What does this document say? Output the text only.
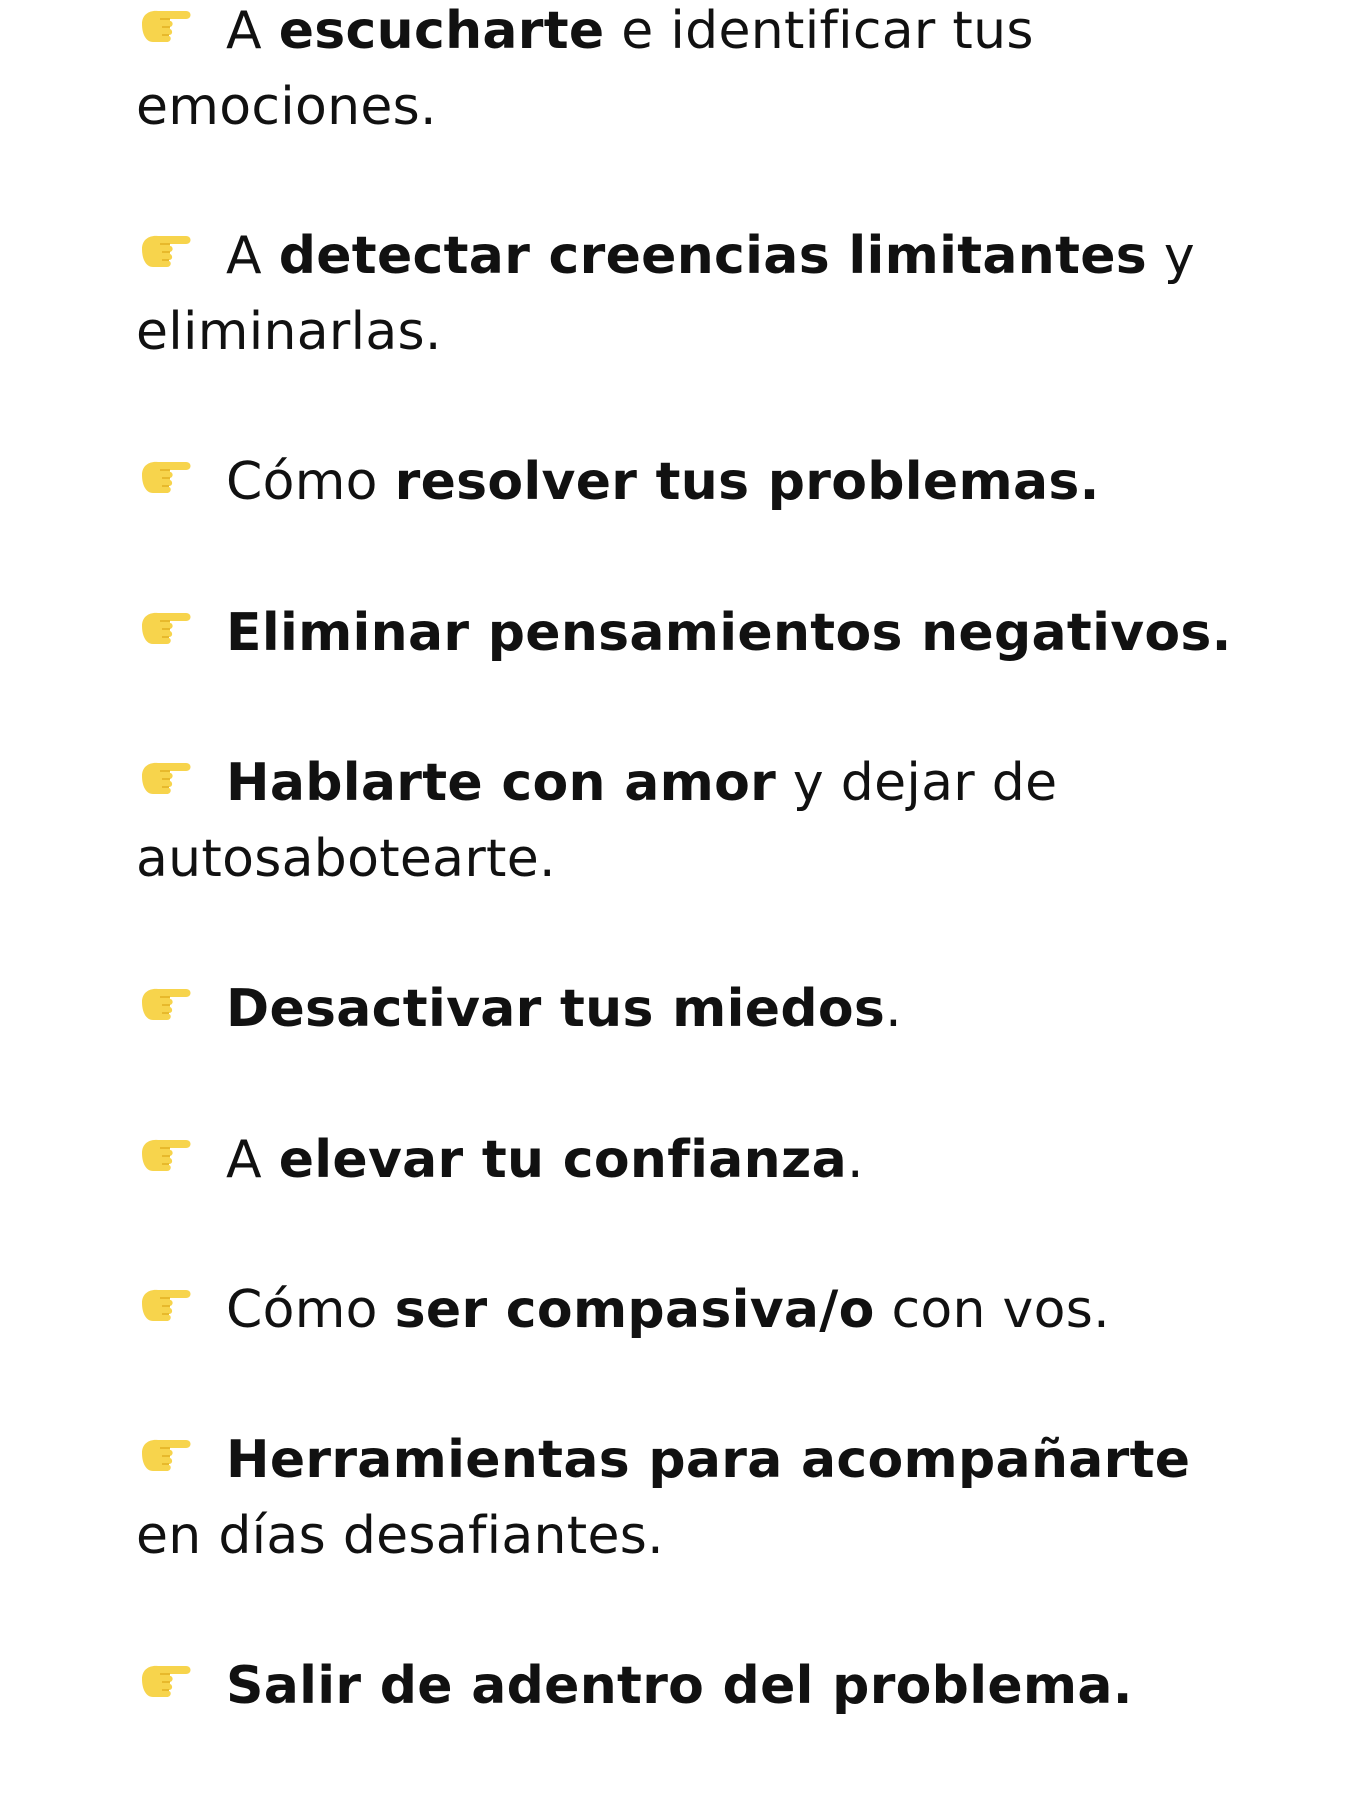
A escucharte e identificar tus emociones.
A detectar creencias limitantes y eliminarlas.
Cómo resolver tus problemas.
Eliminar pensamientos negativos.
Hablarte con amor y dejar de autosabotearte.
Desactivar tus miedos.
A elevar tu confianza.
Cómo ser compasiva/o con vos.
Herramientas para acompañarte en días desafiantes.
Salir de adentro del problema.
